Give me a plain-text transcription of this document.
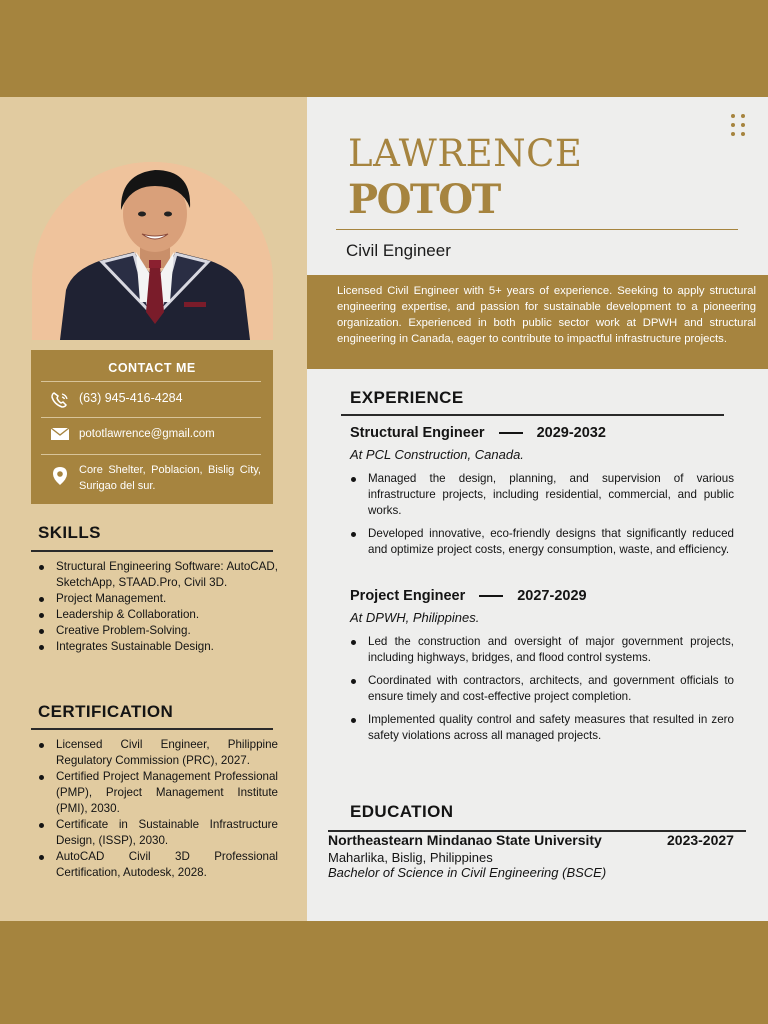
CONTACT ME
(63) 945-416-4284
pototlawrence@gmail.com
Core Shelter, Poblacion, Bislig City, Surigao del sur.
SKILLS
Structural Engineering Software: AutoCAD, SketchApp, STAAD.Pro, Civil 3D.
Project Management.
Leadership & Collaboration.
Creative Problem-Solving.
Integrates Sustainable Design.
CERTIFICATION
Licensed Civil Engineer, Philippine Regulatory Commission (PRC), 2027.
Certified Project Management Professional (PMP), Project Management Institute (PMI), 2030.
Certificate in Sustainable Infrastructure Design, (ISSP), 2030.
AutoCAD Civil 3D Professional Certification, Autodesk, 2028.
LAWRENCE
POTOT
Civil Engineer
Licensed Civil Engineer with 5+ years of experience. Seeking to apply structural engineering expertise, and passion for sustainable development to a pioneering organization. Experienced in both public sector work at DPWH and structural engineering in Canada, eager to contribute to impactful infrastructure projects.
EXPERIENCE
Structural Engineer	2029-2032
At PCL Construction, Canada.
Managed the design, planning, and supervision of various infrastructure projects, including residential, commercial, and public works.
Developed innovative, eco-friendly designs that significantly reduced and optimize project costs, energy consumption, waste, and efficiency.
Project Engineer	2027-2029
At DPWH, Philippines.
Led the construction and oversight of major government projects, including highways, bridges, and flood control systems.
Coordinated with contractors, architects, and government officials to ensure timely and cost-effective project completion.
Implemented quality control and safety measures that resulted in zero safety violations across all managed projects.
EDUCATION
Northeastearn Mindanao State University	2023-2027
Maharlika, Bislig, Philippines
Bachelor of Science in Civil Engineering (BSCE)
